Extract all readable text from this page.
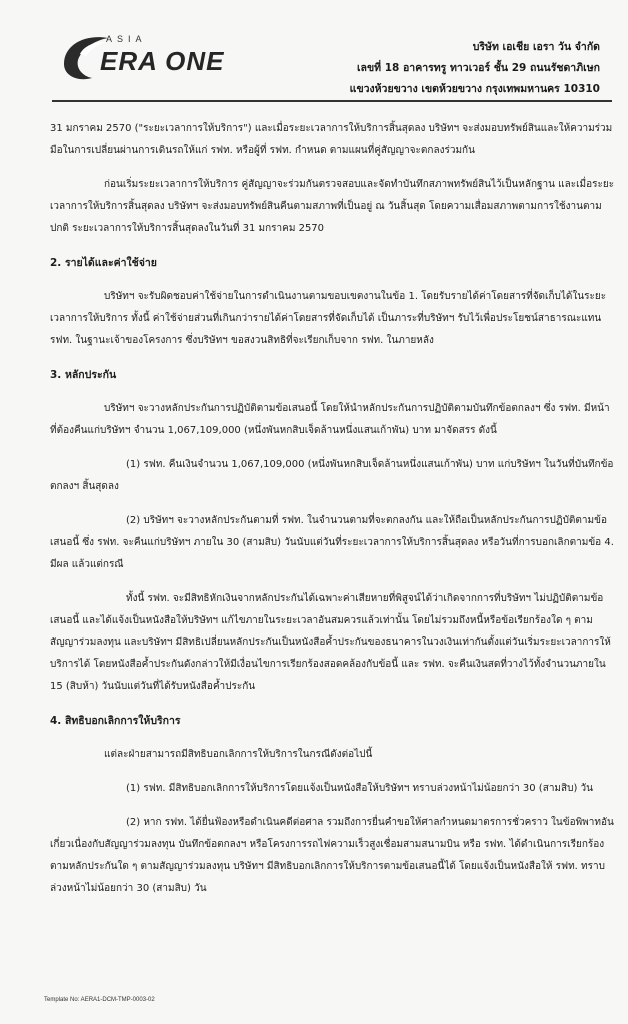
ASIA
ERA ONE	บริษัท เอเชีย เอรา วัน จำกัด
เลขที่ 18 อาคารทรู ทาวเวอร์ ชั้น 29 ถนนรัชดาภิเษก
แขวงห้วยขวาง เขตห้วยขวาง กรุงเทพมหานคร 10310

31 มกราคม 2570 ("ระยะเวลาการให้บริการ") และเมื่อระยะเวลาการให้บริการสิ้นสุดลง บริษัทฯ จะส่งมอบทรัพย์สินและให้ความร่วมมือในการเปลี่ยนผ่านการเดินรถให้แก่ รฟท. หรือผู้ที่ รฟท. กำหนด ตามแผนที่คู่สัญญาจะตกลงร่วมกัน

ก่อนเริ่มระยะเวลาการให้บริการ คู่สัญญาจะร่วมกันตรวจสอบและจัดทำบันทึกสภาพทรัพย์สินไว้เป็นหลักฐาน และเมื่อระยะเวลาการให้บริการสิ้นสุดลง บริษัทฯ จะส่งมอบทรัพย์สินคืนตามสภาพที่เป็นอยู่ ณ วันสิ้นสุด โดยความเสื่อมสภาพตามการใช้งานตามปกติ ระยะเวลาการให้บริการสิ้นสุดลงในวันที่ 31 มกราคม 2570

2. รายได้และค่าใช้จ่าย

บริษัทฯ จะรับผิดชอบค่าใช้จ่ายในการดำเนินงานตามขอบเขตงานในข้อ 1. โดยรับรายได้ค่าโดยสารที่จัดเก็บได้ในระยะเวลาการให้บริการ ทั้งนี้ ค่าใช้จ่ายส่วนที่เกินกว่ารายได้ค่าโดยสารที่จัดเก็บได้ เป็นภาระที่บริษัทฯ รับไว้เพื่อประโยชน์สาธารณะแทน รฟท. ในฐานะเจ้าของโครงการ ซึ่งบริษัทฯ ขอสงวนสิทธิที่จะเรียกเก็บจาก รฟท. ในภายหลัง

3. หลักประกัน

บริษัทฯ จะวางหลักประกันการปฏิบัติตามข้อเสนอนี้ โดยให้นำหลักประกันการปฏิบัติตามบันทึกข้อตกลงฯ ซึ่ง รฟท. มีหน้าที่ต้องคืนแก่บริษัทฯ จำนวน 1,067,109,000 (หนึ่งพันหกสิบเจ็ดล้านหนึ่งแสนเก้าพัน) บาท มาจัดสรร ดังนี้

(1) รฟท. คืนเงินจำนวน 1,067,109,000 (หนึ่งพันหกสิบเจ็ดล้านหนึ่งแสนเก้าพัน) บาท แก่บริษัทฯ ในวันที่บันทึกข้อตกลงฯ สิ้นสุดลง

(2) บริษัทฯ จะวางหลักประกันตามที่ รฟท. ในจำนวนตามที่จะตกลงกัน และให้ถือเป็นหลักประกันการปฏิบัติตามข้อเสนอนี้ ซึ่ง รฟท. จะคืนแก่บริษัทฯ ภายใน 30 (สามสิบ) วันนับแต่วันที่ระยะเวลาการให้บริการสิ้นสุดลง หรือวันที่การบอกเลิกตามข้อ 4. มีผล แล้วแต่กรณี

ทั้งนี้ รฟท. จะมีสิทธิหักเงินจากหลักประกันได้เฉพาะค่าเสียหายที่พิสูจน์ได้ว่าเกิดจากการที่บริษัทฯ ไม่ปฏิบัติตามข้อเสนอนี้ และได้แจ้งเป็นหนังสือให้บริษัทฯ แก้ไขภายในระยะเวลาอันสมควรแล้วเท่านั้น โดยไม่รวมถึงหนี้หรือข้อเรียกร้องใด ๆ ตามสัญญาร่วมลงทุน และบริษัทฯ มีสิทธิเปลี่ยนหลักประกันเป็นหนังสือค้ำประกันของธนาคารในวงเงินเท่ากันตั้งแต่วันเริ่มระยะเวลาการให้บริการได้ โดยหนังสือค้ำประกันดังกล่าวให้มีเงื่อนไขการเรียกร้องสอดคล้องกับข้อนี้ และ รฟท. จะคืนเงินสดที่วางไว้ทั้งจำนวนภายใน 15 (สิบห้า) วันนับแต่วันที่ได้รับหนังสือค้ำประกัน

4. สิทธิบอกเลิกการให้บริการ

แต่ละฝ่ายสามารถมีสิทธิบอกเลิกการให้บริการในกรณีดังต่อไปนี้

(1) รฟท. มีสิทธิบอกเลิกการให้บริการโดยแจ้งเป็นหนังสือให้บริษัทฯ ทราบล่วงหน้าไม่น้อยกว่า 30 (สามสิบ) วัน

(2) หาก รฟท. ได้ยื่นฟ้องหรือดำเนินคดีต่อศาล รวมถึงการยื่นคำขอให้ศาลกำหนดมาตรการชั่วคราว ในข้อพิพาทอันเกี่ยวเนื่องกับสัญญาร่วมลงทุน บันทึกข้อตกลงฯ หรือโครงการรถไฟความเร็วสูงเชื่อมสามสนามบิน หรือ รฟท. ได้ดำเนินการเรียกร้องตามหลักประกันใด ๆ ตามสัญญาร่วมลงทุน บริษัทฯ มีสิทธิบอกเลิกการให้บริการตามข้อเสนอนี้ได้ โดยแจ้งเป็นหนังสือให้ รฟท. ทราบล่วงหน้าไม่น้อยกว่า 30 (สามสิบ) วัน

Template No: AERA1-DCM-TMP-0003-02
